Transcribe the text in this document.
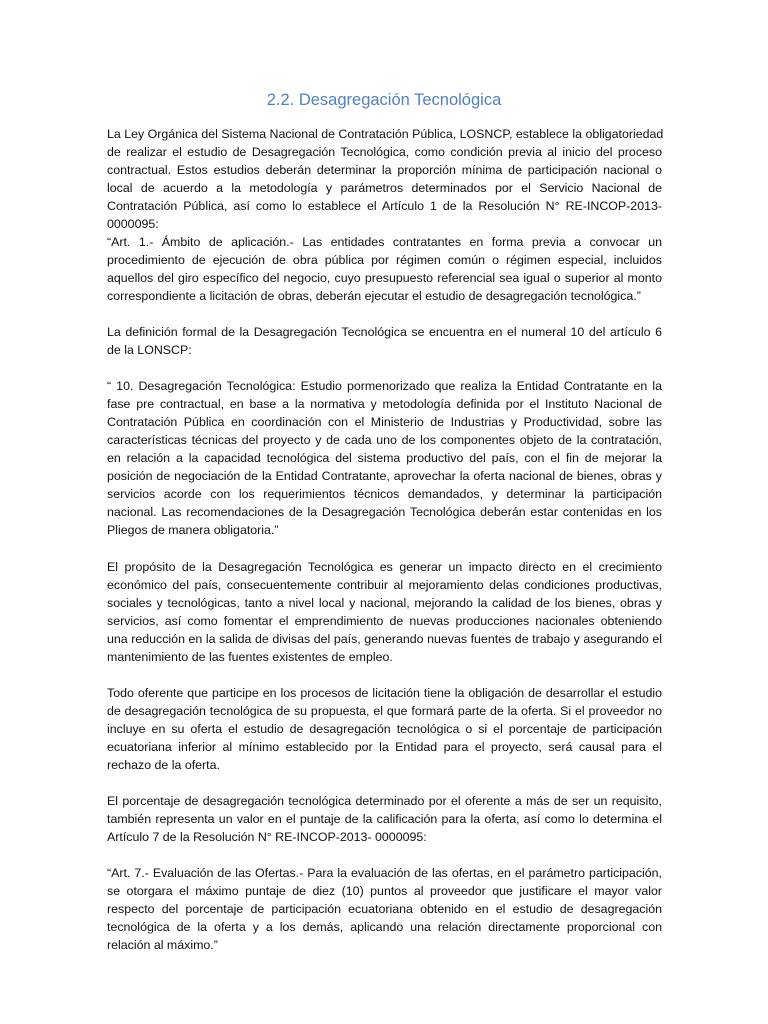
2.2. Desagregación Tecnológica
La Ley Orgánica del Sistema Nacional de Contratación Pública, LOSNCP, establece la obligatoriedad
de realizar el estudio de Desagregación Tecnológica, como condición previa al inicio del proceso
contractual. Estos estudios deberán determinar la proporción mínima de participación nacional o
local de acuerdo a la metodología y parámetros determinados por el Servicio Nacional de
Contratación Pública, así como lo establece el Artículo 1 de la Resolución N° RE-INCOP-2013-
0000095:
“Art. 1.- Ámbito de aplicación.- Las entidades contratantes en forma previa a convocar un
procedimiento de ejecución de obra pública por régimen común o régimen especial, incluidos
aquellos del giro específico del negocio, cuyo presupuesto referencial sea igual o superior al monto
correspondiente a licitación de obras, deberán ejecutar el estudio de desagregación tecnológica.”
La definición formal de la Desagregación Tecnológica se encuentra en el numeral 10 del artículo 6
de la LONSCP:
“ 10. Desagregación Tecnológica: Estudio pormenorizado que realiza la Entidad Contratante en la
fase pre contractual, en base a la normativa y metodología definida por el Instituto Nacional de
Contratación Pública en coordinación con el Ministerio de Industrias y Productividad, sobre las
características técnicas del proyecto y de cada uno de los componentes objeto de la contratación,
en relación a la capacidad tecnológica del sistema productivo del país, con el fin de mejorar la
posición de negociación de la Entidad Contratante, aprovechar la oferta nacional de bienes, obras y
servicios acorde con los requerimientos técnicos demandados, y determinar la participación
nacional. Las recomendaciones de la Desagregación Tecnológica deberán estar contenidas en los
Pliegos de manera obligatoria.”
El propósito de la Desagregación Tecnológica es generar un impacto directo en el crecimiento
económico del país, consecuentemente contribuir al mejoramiento delas condiciones productivas,
sociales y tecnológicas, tanto a nivel local y nacional, mejorando la calidad de los bienes, obras y
servicios, así como fomentar el emprendimiento de nuevas producciones nacionales obteniendo
una reducción en la salida de divisas del país, generando nuevas fuentes de trabajo y asegurando el
mantenimiento de las fuentes existentes de empleo.
Todo oferente que participe en los procesos de licitación tiene la obligación de desarrollar el estudio
de desagregación tecnológica de su propuesta, el que formará parte de la oferta. Si el proveedor no
incluye en su oferta el estudio de desagregación tecnológica o si el porcentaje de participación
ecuatoriana inferior al mínimo establecido por la Entidad para el proyecto, será causal para el
rechazo de la oferta.
El porcentaje de desagregación tecnológica determinado por el oferente a más de ser un requisito,
también representa un valor en el puntaje de la calificación para la oferta, así como lo determina el
Artículo 7 de la Resolución N° RE-INCOP-2013- 0000095:
“Art. 7.- Evaluación de las Ofertas.- Para la evaluación de las ofertas, en el parámetro participación,
se otorgara el máximo puntaje de diez (10) puntos al proveedor que justificare el mayor valor
respecto del porcentaje de participación ecuatoriana obtenido en el estudio de desagregación
tecnológica de la oferta y a los demás, aplicando una relación directamente proporcional con
relación al máximo.”
